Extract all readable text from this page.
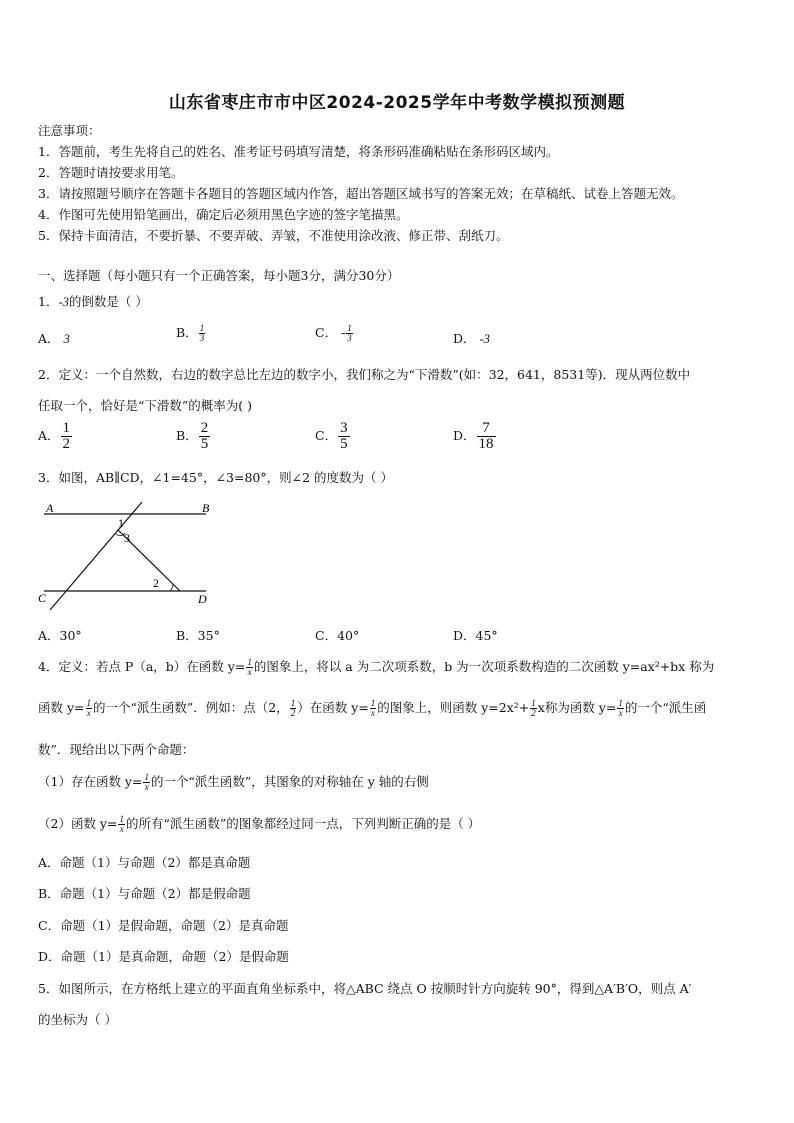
山东省枣庄市市中区2024-2025学年中考数学模拟预测题
注意事项：
1．答题前，考生先将自己的姓名、准考证号码填写清楚，将条形码准确粘贴在条形码区域内。
2．答题时请按要求用笔。
3．请按照题号顺序在答题卡各题目的答题区域内作答，超出答题区域书写的答案无效；在草稿纸、试卷上答题无效。
4．作图可先使用铅笔画出，确定后必须用黑色字迹的签字笔描黑。
5．保持卡面清洁，不要折暴、不要弄破、弄皱，不准使用涂改液、修正带、刮纸刀。
一、选择题（每小题只有一个正确答案，每小题3分，满分30分）
1．-3的倒数是（ ）
A． 3	B． $\frac{1}{3}$	C． - $\frac{1}{3}$	D． -3
2．定义：一个自然数，右边的数字总比左边的数字小，我们称之为“下滑数”(如：32，641，8531等)．现从两位数中
任取一个，恰好是“下滑数”的概率为( )
A． $\frac{1}{2}$	B． $\frac{2}{5}$	C． $\frac{3}{5}$	D． $\frac{7}{18}$
3．如图，AB∥CD，∠1=45°，∠3=80°，则∠2 的度数为（ ）
A	B
C	D
1
2
3
A．30°	B．35°	C．40°	D．45°
4．定义：若点 P（a，b）在函数 $y= \frac{1}{x}$ 的图象上，将以 a 为二次项系数，b 为一次项系数构造的二次函数 y=ax²+bx 称为
函数 $y= \frac{1}{x}$ 的一个“派生函数”．例如：点（2， $\frac{1}{2}$ ）在函数 $y= \frac{1}{x}$ 的图象上，则函数 $y=2x^2+ \frac{1}{2}$ x称为函数 $y= \frac{1}{x}$ 的一个“派生函
数”．现给出以下两个命题：
（1）存在函数 $y= \frac{1}{x}$ 的一个“派生函数”，其图象的对称轴在 y 轴的右侧
（2）函数 $y= \frac{1}{x}$ 的所有“派生函数”的图象都经过同一点，下列判断正确的是（ ）
A．命题（1）与命题（2）都是真命题
B．命题（1）与命题（2）都是假命题
C．命题（1）是假命题，命题（2）是真命题
D．命题（1）是真命题，命题（2）是假命题
5．如图所示，在方格纸上建立的平面直角坐标系中，将△ABC 绕点 O 按顺时针方向旋转 90°，得到△A′B′O，则点 A′
的坐标为（ ）
